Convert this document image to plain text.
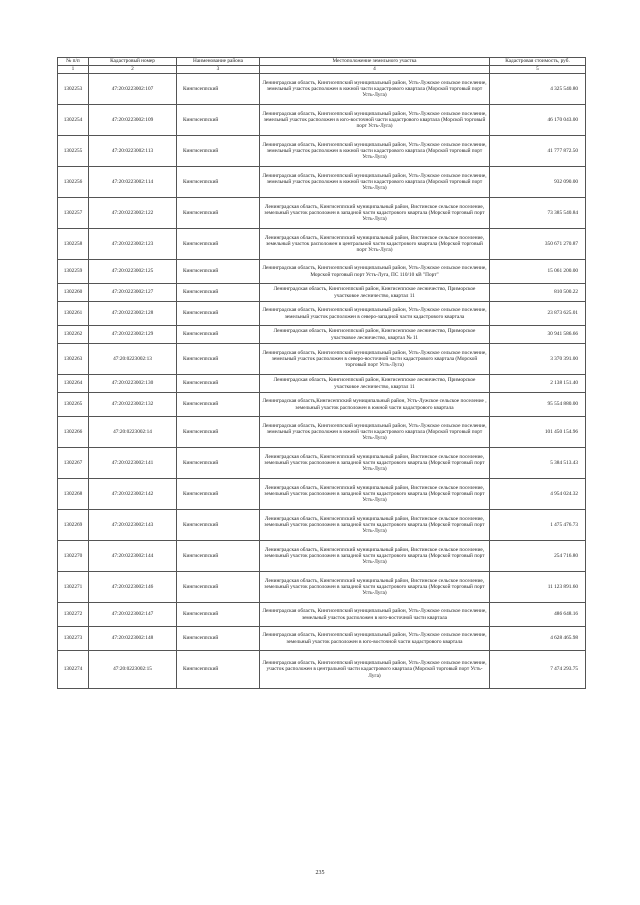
№ п/п	Кадастровый номер	Наименование района	Местоположение земельного участка	Кадастровая стоимость, руб.
1	2	3	4	5
1302253	47:20:0223002:107	Кингисеппский	Ленинградская область, Кингисеппский муниципальный район, Усть-Лужское сельское поселение, земельный участок расположен в южной части кадастрового квартала (Морской торговый порт Усть-Луга)	4 325 540.80
1302254	47:20:0223002:109	Кингисеппский	Ленинградская область, Кингисеппский муниципальный район, Усть-Лужское сельское поселение, земельный участок расположен в юго-восточной части кадастрового квартала (Морской торговый порт Усть-Луга)	46 170 043.00
1302255	47:20:0223002:113	Кингисеппский	Ленинградская область, Кингисеппский муниципальный район, Усть-Лужское сельское поселение, земельный участок расположен в южной части кадастрового квартала (Морской торговый порт Усть-Луга)	41 777 872.50
1302256	47:20:0223002:114	Кингисеппский	Ленинградская область, Кингисеппский муниципальный район, Усть-Лужское сельское поселение, земельный участок расположен в южной части кадастрового квартала (Морской торговый порт Усть-Луга)	932 090.00
1302257	47:20:0223002:122	Кингисеппский	Ленинградская область, Кингисеппский муниципальный район, Вистинское сельское поселение, земельный участок расположен в западной части кадастрового квартала (Морской торговый порт Усть-Луга)	73 385 540.84
1302258	47:20:0223002:123	Кингисеппский	Ленинградская область, Кингисеппский муниципальный район, Вистинское сельское поселение, земельный участок расположен в центральной части кадастрового квартала (Морской торговый порт Усть-Луга)	350 671 270.87
1302259	47:20:0223002:125	Кингисеппский	Ленинградская область, Кингисеппский муниципальный район, Усть-Лужское сельское поселение, Морской торговый порт Усть-Луга, ПС 110/10 кВ "Порт"	15 061 200.00
1302260	47:20:0223002:127	Кингисеппский	Ленинградская область, Кингисеппский район, Кингисеппское лесничество, Приморское участковое лесничество, квартал 11	810 500.22
1302261	47:20:0223002:128	Кингисеппский	Ленинградская область, Кингисеппский муниципальный район, Усть-Лужское сельское поселение, земельный участок расположен в северо-западной части кадастрового квартала	23 873 625.01
1302262	47:20:0223002:129	Кингисеппский	Ленинградская область, Кингисеппский район, Кингисеппское лесничество, Приморское участковое лесничество, квартал № 11	30 941 586.66
1302263	47:20:0223002:13	Кингисеппский	Ленинградская область, Кингисеппский муниципальный район, Усть-Лужское сельское поселение, земельный участок расположен в северо-восточной части кадастрового квартала (Морской торговый порт Усть-Луга)	3 370 391.00
1302264	47:20:0223002:130	Кингисеппский	Ленинградская область, Кингисеппский район, Кингисеппское лесничество, Приморское участковое лесничество, квартал 11	2 138 151.40
1302265	47:20:0223002:132	Кингисеппский	Ленинградская область,Кингисеппский муниципальный район, Усть-Лужское сельское поселение , земельный участок расположен в южной части кадастрового квартала	95 554 880.00
1302266	47:20:0223002:14	Кингисеппский	Ленинградская область, Кингисеппский муниципальный район, Усть-Лужское сельское поселение, земельный участок расположен в южной части кадастрового квартала (Морской торговый порт Усть-Луга)	101 450 154.96
1302267	47:20:0223002:141	Кингисеппский	Ленинградская область, Кингисеппский муниципальный район, Вистинское сельское поселение, земельный участок расположен в западной части кадастрового квартала (Морской торговый порт Усть-Луга)	5 384 513.43
1302268	47:20:0223002:142	Кингисеппский	Ленинградская область, Кингисеппский муниципальный район, Вистинское сельское поселение, земельный участок расположен в западной части кадастрового квартала (Морской торговый порт Усть-Луга)	4 954 024.32
1302269	47:20:0223002:143	Кингисеппский	Ленинградская область, Кингисеппский муниципальный район, Вистинское сельское поселение, земельный участок расположен в западной части кадастрового квартала (Морской торговый порт Усть-Луга)	1 475 476.73
1302270	47:20:0223002:144	Кингисеппский	Ленинградская область, Кингисеппский муниципальный район, Вистинское сельское поселение, земельный участок расположен в западной части кадастрового квартала (Морской торговый порт Усть-Луга)	254 716.80
1302271	47:20:0223002:146	Кингисеппский	Ленинградская область, Кингисеппский муниципальный район, Вистинское сельское поселение, земельный участок расположен в западной части кадастрового квартала (Морской торговый порт Усть-Луга)	11 123 891.60
1302272	47:20:0223002:147	Кингисеппский	Ленинградская область, Кингисеппский муниципальный район, Усть-Лужское сельское поселение, земельный участок расположен в юго-восточной части квартала	486 648.16
1302273	47:20:0223002:148	Кингисеппский	Ленинградская область, Кингисеппский муниципальный район, Усть-Лужское сельское поселение, земельный участок расположен в юго-восточной части кадастрового квартала	4 628 465.98
1302274	47:20:0223002:15	Кингисеппский	Ленинградская область, Кингисеппский муниципальный район, Усть-Лужское сельское поселение, участок расположен в центральной части кадастрового квартала (Морской торговый порт Усть-Луга)	7 474 293.75
235
